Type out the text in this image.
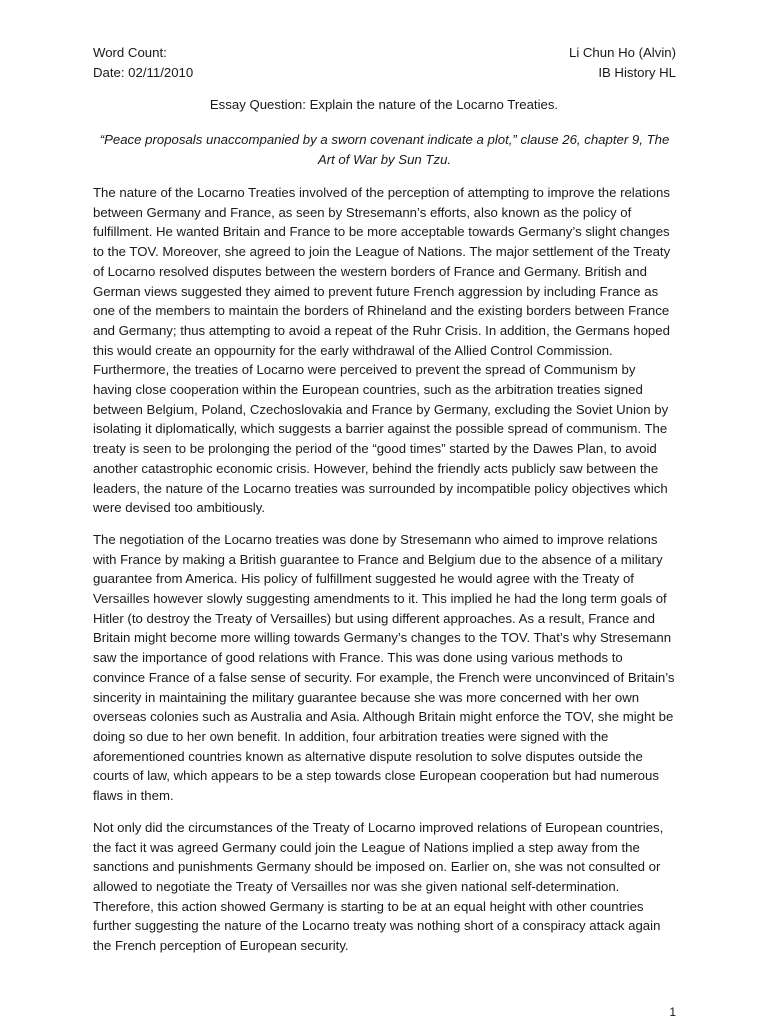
Word Count:
Date: 02/11/2010
Li Chun Ho (Alvin)
IB History HL
Essay Question: Explain the nature of the Locarno Treaties.
“Peace proposals unaccompanied by a sworn covenant indicate a plot,” clause 26, chapter 9, The Art of War by Sun Tzu.

The nature of the Locarno Treaties involved of the perception of attempting to improve the relations between Germany and France, as seen by Stresemann’s efforts, also known as the policy of fulfillment. He wanted Britain and France to be more acceptable towards Germany’s slight changes to the TOV. Moreover, she agreed to join the League of Nations. The major settlement of the Treaty of Locarno resolved disputes between the western borders of France and Germany. British and German views suggested they aimed to prevent future French aggression by including France as one of the members to maintain the borders of Rhineland and the existing borders between France and Germany; thus attempting to avoid a repeat of the Ruhr Crisis. In addition, the Germans hoped this would create an oppournity for the early withdrawal of the Allied Control Commission. Furthermore, the treaties of Locarno were perceived to prevent the spread of Communism by having close cooperation within the European countries, such as the arbitration treaties signed between Belgium, Poland, Czechoslovakia and France by Germany, excluding the Soviet Union by isolating it diplomatically, which suggests a barrier against the possible spread of communism. The treaty is seen to be prolonging the period of the “good times” started by the Dawes Plan, to avoid another catastrophic economic crisis. However, behind the friendly acts publicly saw between the leaders, the nature of the Locarno treaties was surrounded by incompatible policy objectives which were devised too ambitiously.

The negotiation of the Locarno treaties was done by Stresemann who aimed to improve relations with France by making a British guarantee to France and Belgium due to the absence of a military guarantee from America. His policy of fulfillment suggested he would agree with the Treaty of Versailles however slowly suggesting amendments to it. This implied he had the long term goals of Hitler (to destroy the Treaty of Versailles) but using different approaches. As a result, France and Britain might become more willing towards Germany’s changes to the TOV. That’s why Stresemann saw the importance of good relations with France. This was done using various methods to convince France of a false sense of security. For example, the French were unconvinced of Britain’s sincerity in maintaining the military guarantee because she was more concerned with her own overseas colonies such as Australia and Asia. Although Britain might enforce the TOV, she might be doing so due to her own benefit. In addition, four arbitration treaties were signed with the aforementioned countries known as alternative dispute resolution to solve disputes outside the courts of law, which appears to be a step towards close European cooperation but had numerous flaws in them.

Not only did the circumstances of the Treaty of Locarno improved relations of European countries, the fact it was agreed Germany could join the League of Nations implied a step away from the sanctions and punishments Germany should be imposed on. Earlier on, she was not consulted or allowed to negotiate the Treaty of Versailles nor was she given national self-determination. Therefore, this action showed Germany is starting to be at an equal height with other countries further suggesting the nature of the Locarno treaty was nothing short of a conspiracy attack again the French perception of European security.

1
